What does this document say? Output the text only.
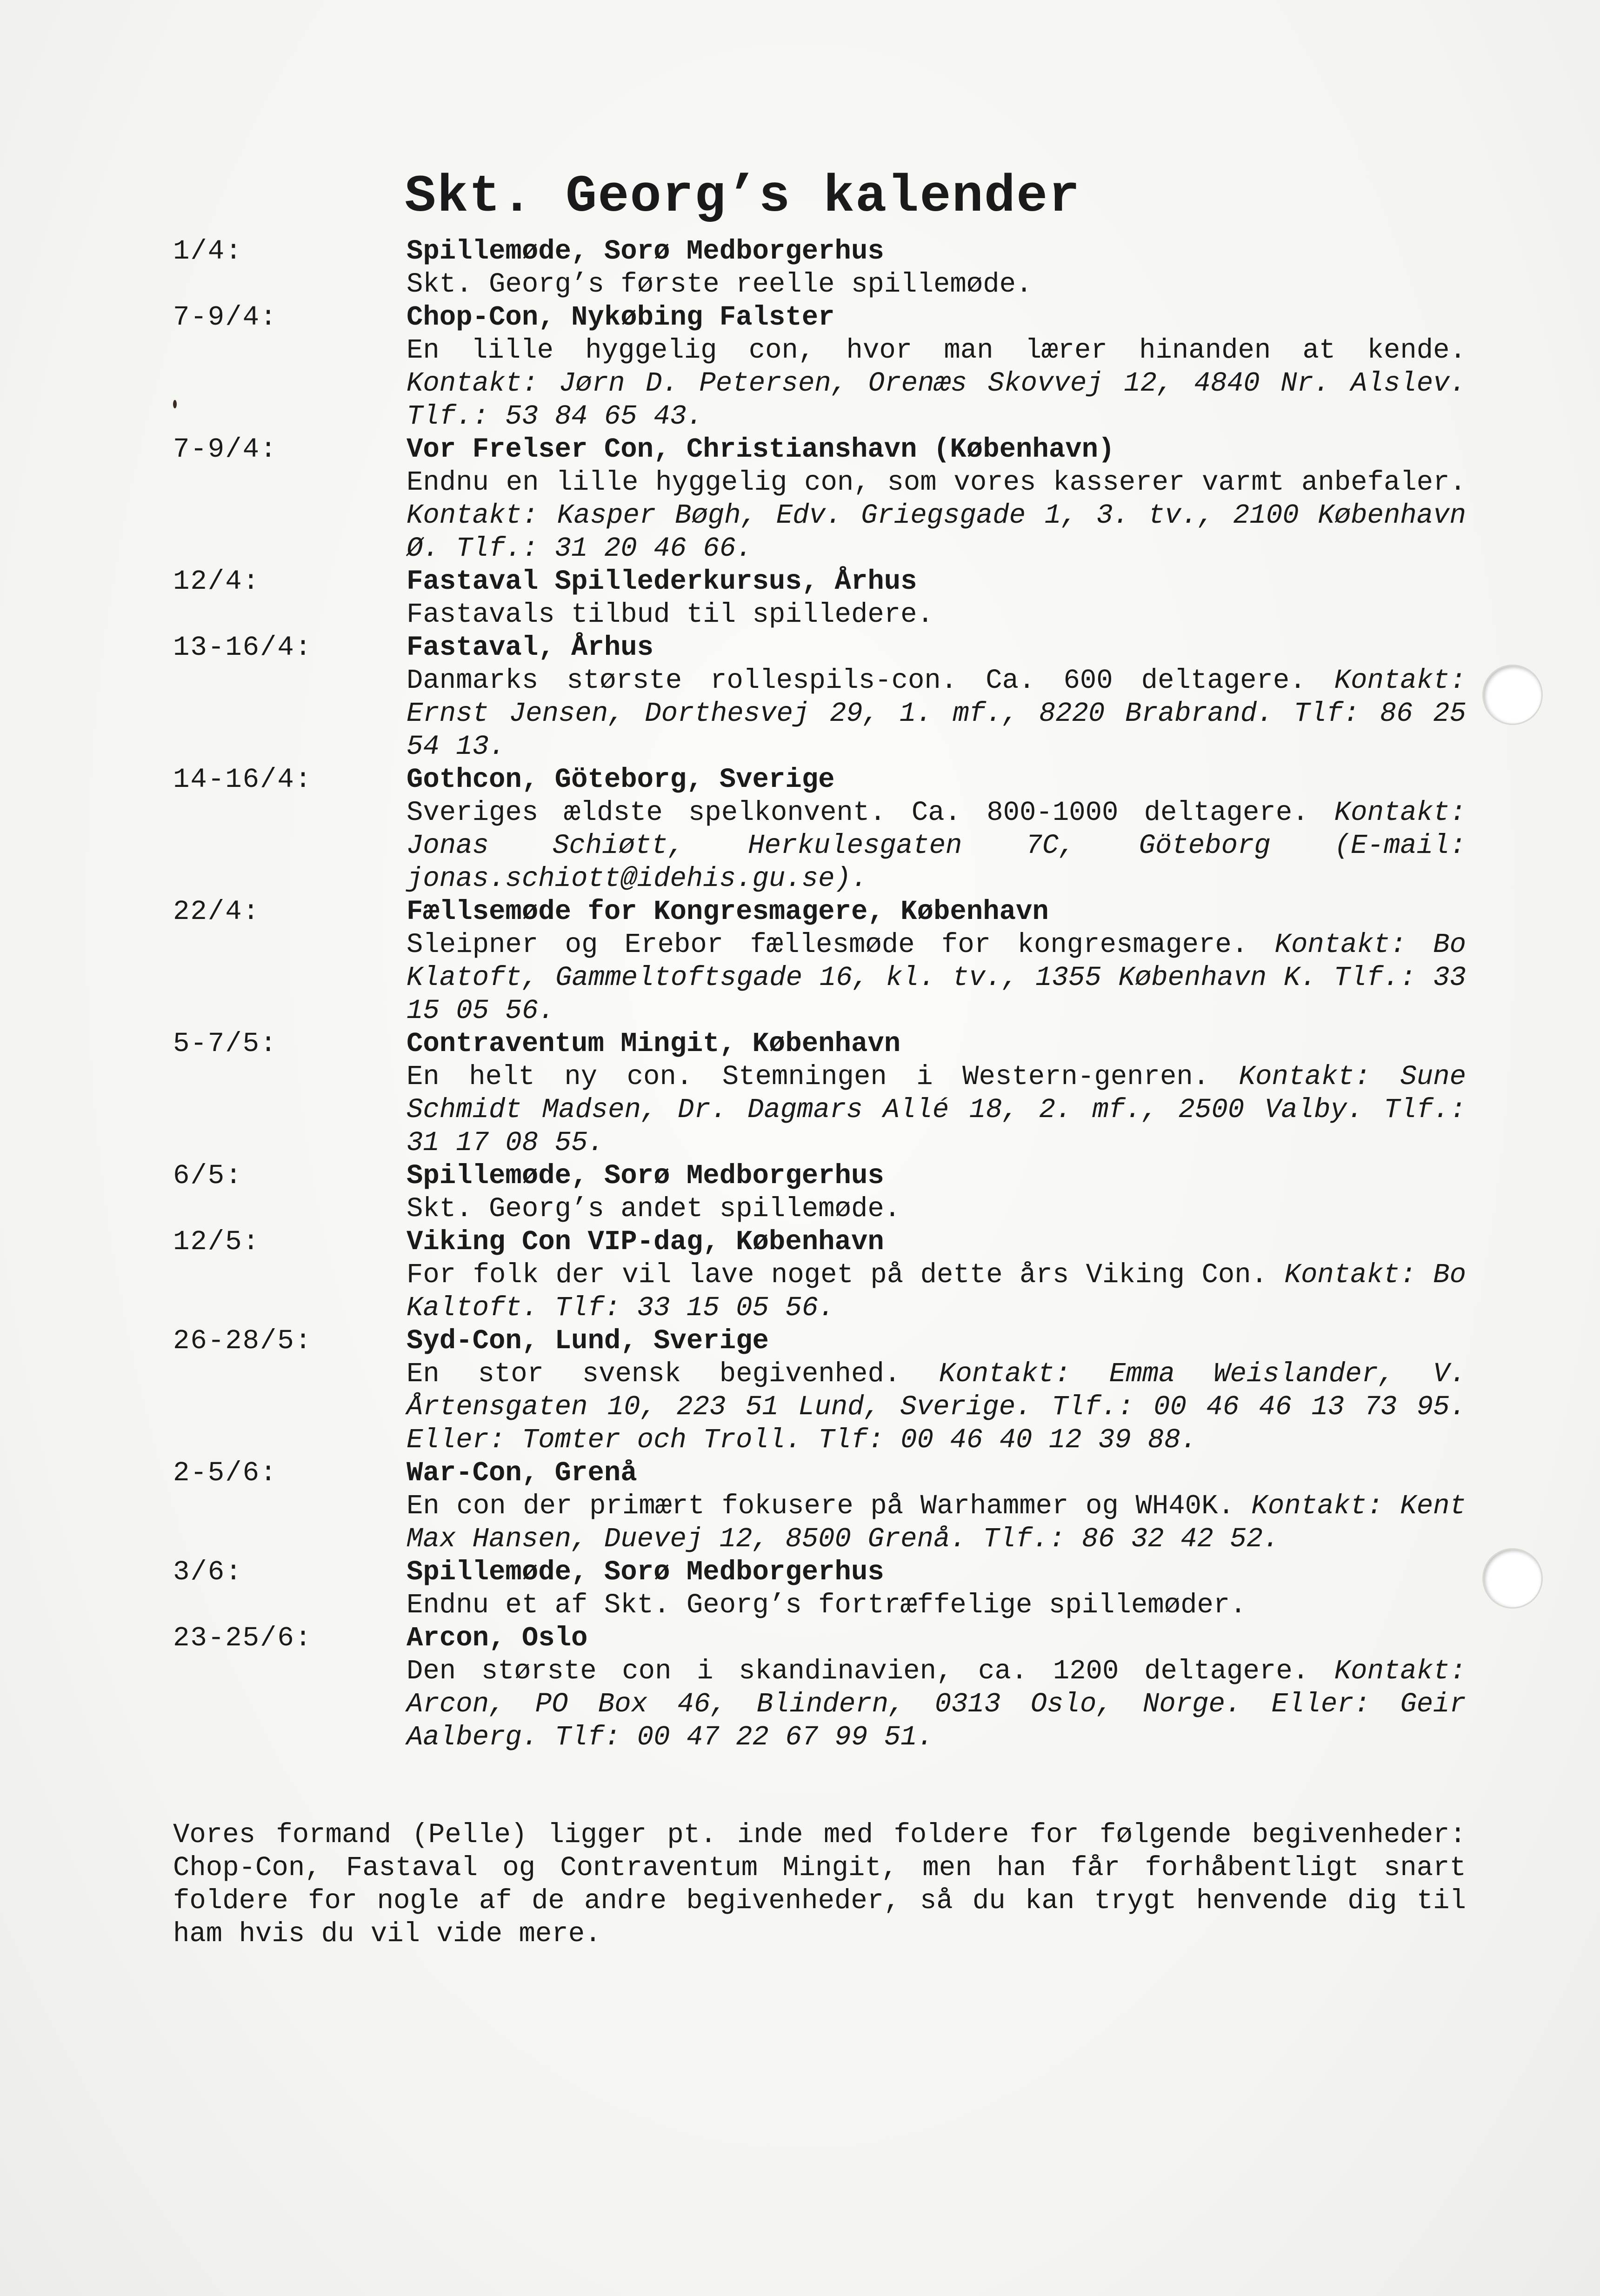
Skt. Georg’s kalender
1/4:	Spillemøde, Sorø Medborgerhus
Skt. Georg’s første reelle spillemøde.
7-9/4:	Chop-Con, Nykøbing Falster
En lille hyggelig con, hvor man lærer hinanden at kende. Kontakt: Jørn D. Petersen, Orenæs Skovvej 12, 4840 Nr. Alslev. Tlf.: 53 84 65 43.
7-9/4:	Vor Frelser Con, Christianshavn (København)
Endnu en lille hyggelig con, som vores kasserer varmt anbefaler. Kontakt: Kasper Bøgh, Edv. Griegsgade 1, 3. tv., 2100 København Ø. Tlf.: 31 20 46 66.
12/4:	Fastaval Spillederkursus, Århus
Fastavals tilbud til spilledere.
13-16/4:	Fastaval, Århus
Danmarks største rollespils-con. Ca. 600 deltagere. Kontakt: Ernst Jensen, Dorthesvej 29, 1. mf., 8220 Brabrand. Tlf: 86 25 54 13.
14-16/4:	Gothcon, Göteborg, Sverige
Sveriges ældste spelkonvent. Ca. 800-1000 deltagere. Kontakt: Jonas Schiøtt, Herkulesgaten 7C, Göteborg (E-mail: jonas.schiott@idehis.gu.se).
22/4:	Fællsemøde for Kongresmagere, København
Sleipner og Erebor fællesmøde for kongresmagere. Kontakt: Bo Klatoft, Gammeltoftsgade 16, kl. tv., 1355 København K. Tlf.: 33 15 05 56.
5-7/5:	Contraventum Mingit, København
En helt ny con. Stemningen i Western-genren. Kontakt: Sune Schmidt Madsen, Dr. Dagmars Allé 18, 2. mf., 2500 Valby. Tlf.: 31 17 08 55.
6/5:	Spillemøde, Sorø Medborgerhus
Skt. Georg’s andet spillemøde.
12/5:	Viking Con VIP-dag, København
For folk der vil lave noget på dette års Viking Con. Kontakt: Bo Kaltoft. Tlf: 33 15 05 56.
26-28/5:	Syd-Con, Lund, Sverige
En stor svensk begivenhed. Kontakt: Emma Weislander, V. Årtensgaten 10, 223 51 Lund, Sverige. Tlf.: 00 46 46 13 73 95. Eller: Tomter och Troll. Tlf: 00 46 40 12 39 88.
2-5/6:	War-Con, Grenå
En con der primært fokusere på Warhammer og WH40K. Kontakt: Kent Max Hansen, Duevej 12, 8500 Grenå. Tlf.: 86 32 42 52.
3/6:	Spillemøde, Sorø Medborgerhus
Endnu et af Skt. Georg’s fortræffelige spillemøder.
23-25/6:	Arcon, Oslo
Den største con i skandinavien, ca. 1200 deltagere. Kontakt: Arcon, PO Box 46, Blindern, 0313 Oslo, Norge. Eller: Geir Aalberg. Tlf: 00 47 22 67 99 51.

Vores formand (Pelle) ligger pt. inde med foldere for følgende begivenheder: Chop-Con, Fastaval og Contraventum Mingit, men han får forhåbentligt snart foldere for nogle af de andre begivenheder, så du kan trygt henvende dig til ham hvis du vil vide mere.
